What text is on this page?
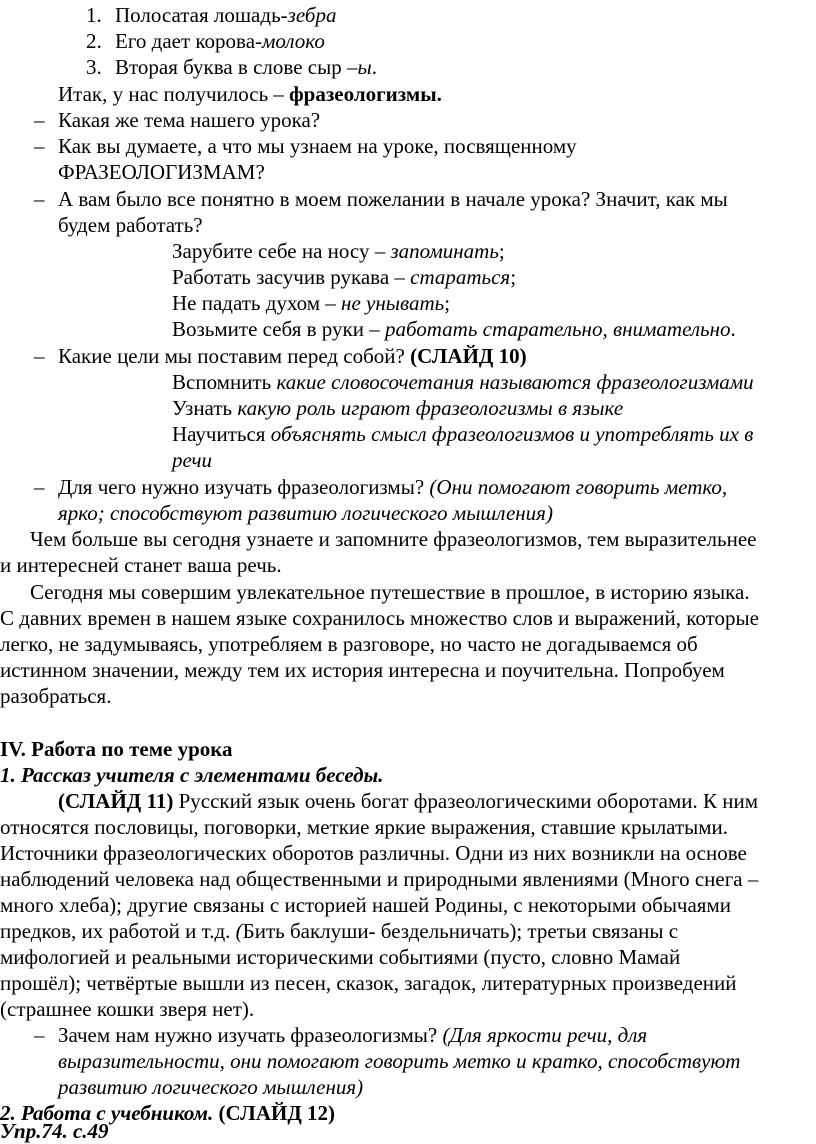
1. Полосатая лошадь-зебра
2. Его дает корова-молоко
3. Вторая буква в слове сыр –ы.
Итак, у нас получилось – фразеологизмы.
– Какая же тема нашего урока?
– Как вы думаете, а что мы узнаем на уроке, посвященному
ФРАЗЕОЛОГИЗМАМ?
– А вам было все понятно в моем пожелании в начале урока? Значит, как мы
будем работать?
Зарубите себе на носу – запоминать;
Работать засучив рукава – стараться;
Не падать духом – не унывать;
Возьмите себя в руки – работать старательно, внимательно.
– Какие цели мы поставим перед собой? (СЛАЙД 10)
Вспомнить какие словосочетания называются фразеологизмами
Узнать какую роль играют фразеологизмы в языке
Научиться объяснять смысл фразеологизмов и употреблять их в
речи
– Для чего нужно изучать фразеологизмы? (Они помогают говорить метко,
ярко; способствуют развитию логического мышления)
Чем больше вы сегодня узнаете и запомните фразеологизмов, тем выразительнее
и интересней станет ваша речь.
Сегодня мы совершим увлекательное путешествие в прошлое, в историю языка.
С давних времен в нашем языке сохранилось множество слов и выражений, которые
легко, не задумываясь, употребляем в разговоре, но часто не догадываемся об
истинном значении, между тем их история интересна и поучительна. Попробуем
разобраться.
IV. Работа по теме урока
1. Рассказ учителя с элементами беседы.
(СЛАЙД 11) Русский язык очень богат фразеологическими оборотами. К ним
относятся пословицы, поговорки, меткие яркие выражения, ставшие крылатыми.
Источники фразеологических оборотов различны. Одни из них возникли на основе
наблюдений человека над общественными и природными явлениями (Много снега –
много хлеба); другие связаны с историей нашей Родины, с некоторыми обычаями
предков, их работой и т.д. (Бить баклуши- бездельничать); третьи связаны с
мифологией и реальными историческими событиями (пусто, словно Мамай
прошёл); четвёртые вышли из песен, сказок, загадок, литературных произведений
(страшнее кошки зверя нет).
– Зачем нам нужно изучать фразеологизмы? (Для яркости речи, для
выразительности, они помогают говорить метко и кратко, способствуют
развитию логического мышления)
2. Работа с учебником. (СЛАЙД 12)
Упр.74. с.49
